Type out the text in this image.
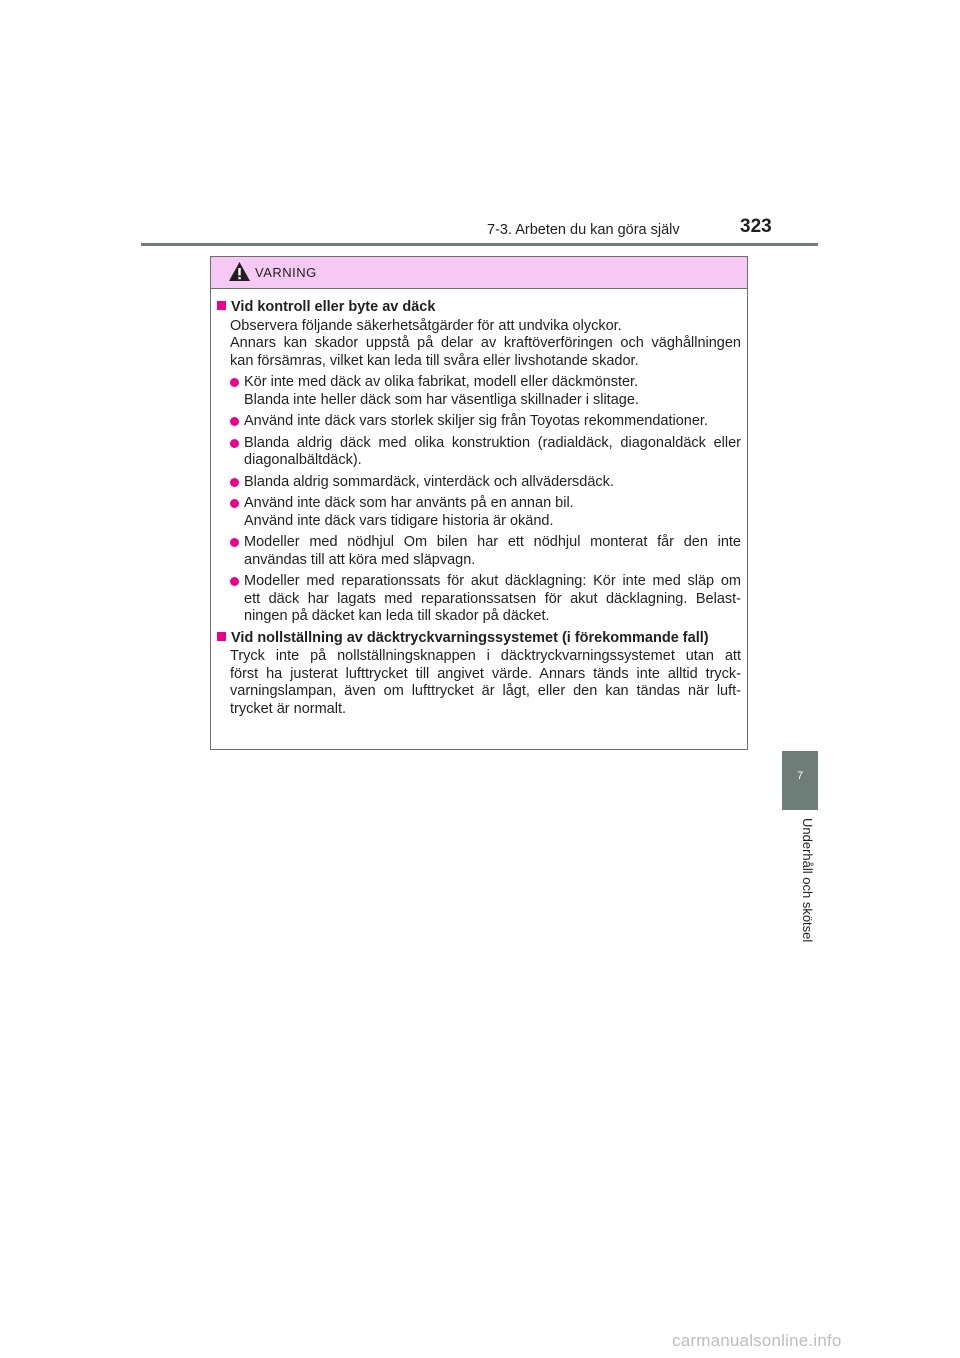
7-3. Arbeten du kan göra själv	323
7
Underhåll och skötsel
VARNING
Vid kontroll eller byte av däck
Observera följande säkerhetsåtgärder för att undvika olyckor.
Annars kan skador uppstå på delar av kraftöverföringen och väghållningen
kan försämras, vilket kan leda till svåra eller livshotande skador.
Kör inte med däck av olika fabrikat, modell eller däckmönster.
Blanda inte heller däck som har väsentliga skillnader i slitage.
Använd inte däck vars storlek skiljer sig från Toyotas rekommendationer.
Blanda aldrig däck med olika konstruktion (radialdäck, diagonaldäck eller
diagonalbältdäck).
Blanda aldrig sommardäck, vinterdäck och allvädersdäck.
Använd inte däck som har använts på en annan bil.
Använd inte däck vars tidigare historia är okänd.
Modeller med nödhjul Om bilen har ett nödhjul monterat får den inte
användas till att köra med släpvagn.
Modeller med reparationssats för akut däcklagning: Kör inte med släp om
ett däck har lagats med reparationssatsen för akut däcklagning. Belast-
ningen på däcket kan leda till skador på däcket.
Vid nollställning av däcktryckvarningssystemet (i förekommande fall)
Tryck inte på nollställningsknappen i däcktryckvarningssystemet utan att
först ha justerat lufttrycket till angivet värde. Annars tänds inte alltid tryck-
varningslampan, även om lufttrycket är lågt, eller den kan tändas när luft-
trycket är normalt.
carmanualsonline.info
